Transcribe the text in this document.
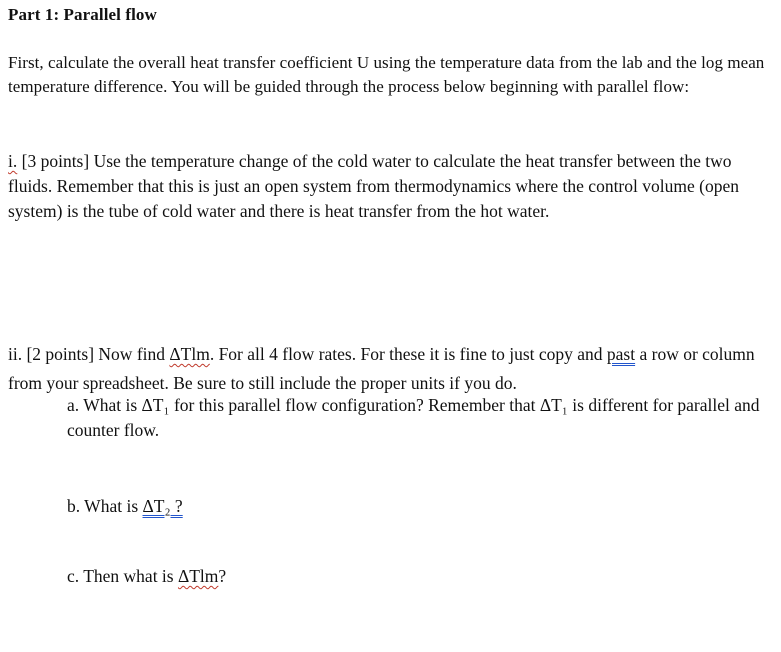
Part 1: Parallel flow
First, calculate the overall heat transfer coefficient U using the temperature data from the lab and the log mean temperature difference. You will be guided through the process below beginning with parallel flow:
i. [3 points] Use the temperature change of the cold water to calculate the heat transfer between the two fluids. Remember that this is just an open system from thermodynamics where the control volume (open system) is the tube of cold water and there is heat transfer from the hot water.
ii. [2 points] Now find ΔTlm. For all 4 flow rates. For these it is fine to just copy and past a row or column from your spreadsheet. Be sure to still include the proper units if you do.
a. What is ΔT₁ for this parallel flow configuration? Remember that ΔT₁ is different for parallel and counter flow.
b. What is ΔT₂ ?
c. Then what is ΔTlm?
